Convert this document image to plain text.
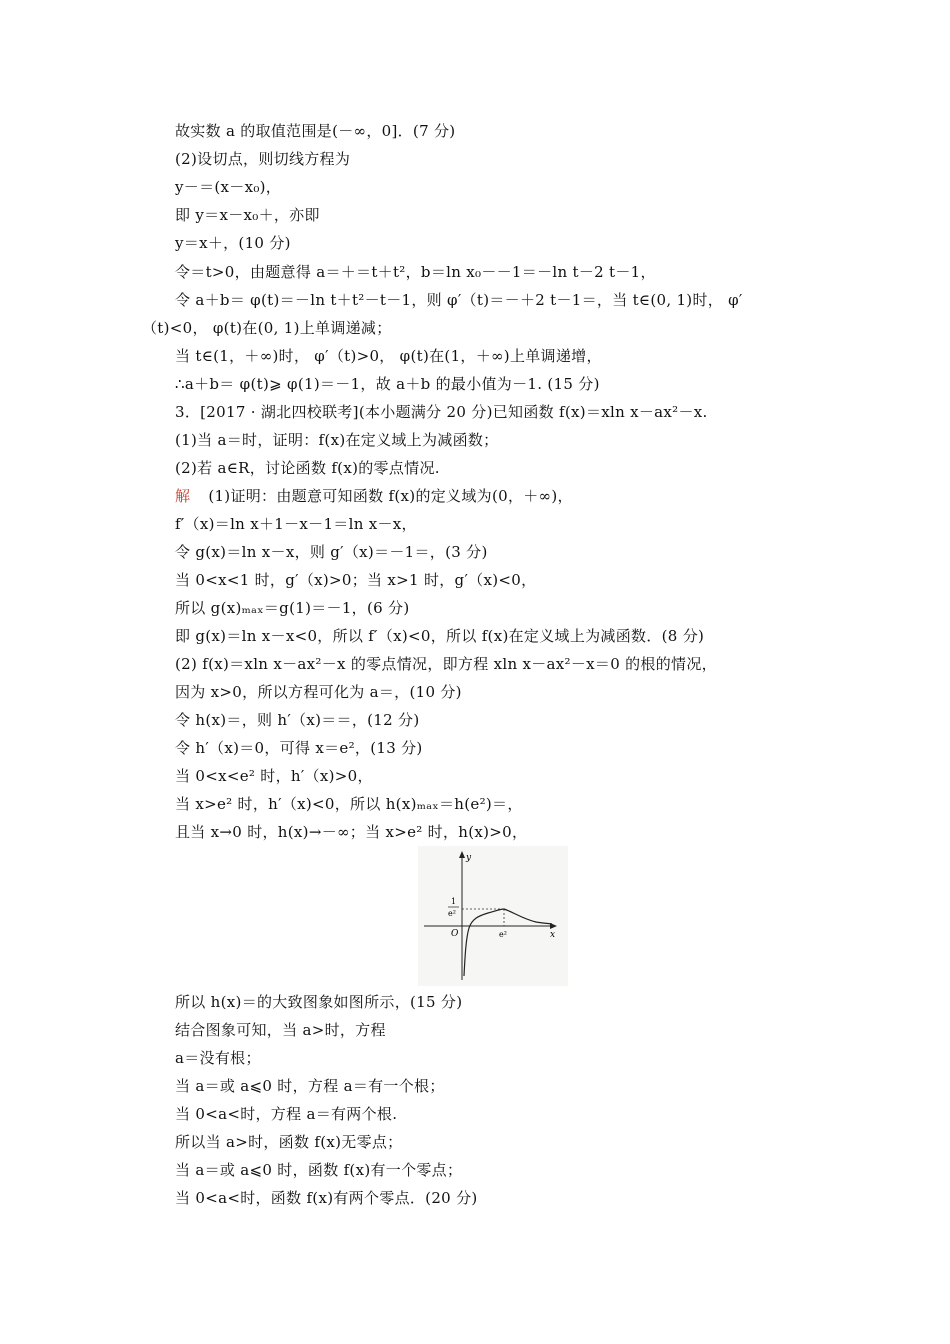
故实数 a 的取值范围是(－∞，0]．(7 分)
(2)设切点，则切线方程为
y－＝(x－x₀)，
即 y＝x－x₀＋，亦即
y＝x＋，(10 分)
令＝t>0，由题意得 a＝＋＝t＋t²，b＝ln x₀－－1＝－ln t－2 t－1，
令 a＋b＝ φ(t)＝－ln t＋t²－t－1，则 φ′（t)＝－＋2 t－1＝，当 t∈(0, 1)时， φ′
（t)<0， φ(t)在(0, 1)上单调递减；
当 t∈(1，＋∞)时， φ′（t)>0， φ(t)在(1，＋∞)上单调递增，
∴a＋b＝ φ(t)⩾ φ(1)＝－1，故 a＋b 的最小值为－1. (15 分)
3．[2017 · 湖北四校联考](本小题满分 20 分)已知函数 f(x)＝xln x－ax²－x.
(1)当 a＝时，证明：f(x)在定义域上为减函数；
(2)若 a∈R，讨论函数 f(x)的零点情况.
解 (1)证明：由题意可知函数 f(x)的定义域为(0，＋∞)，
f′（x)＝ln x＋1－x－1＝ln x－x，
令 g(x)＝ln x－x，则 g′（x)＝－1＝，(3 分)
当 0<x<1 时，g′（x)>0；当 x>1 时，g′（x)<0，
所以 g(x)ₘₐₓ＝g(1)＝－1，(6 分)
即 g(x)＝ln x－x<0，所以 f′（x)<0，所以 f(x)在定义域上为减函数．(8 分)
(2) f(x)＝xln x－ax²－x 的零点情况，即方程 xln x－ax²－x＝0 的根的情况，
因为 x>0，所以方程可化为 a＝，(10 分)
令 h(x)＝，则 h′（x)＝＝，(12 分)
令 h′（x)＝0，可得 x＝e²，(13 分)
当 0<x<e² 时，h′（x)>0，
当 x>e² 时，h′（x)<0，所以 h(x)ₘₐₓ＝h(e²)＝，
且当 x→0 时，h(x)→－∞；当 x>e² 时，h(x)>0，
y
x
O
1
e²
e²
所以 h(x)＝的大致图象如图所示，(15 分)
结合图象可知，当 a>时，方程
a＝没有根；
当 a＝或 a⩽0 时，方程 a＝有一个根；
当 0<a<时，方程 a＝有两个根.
所以当 a>时，函数 f(x)无零点；
当 a＝或 a⩽0 时，函数 f(x)有一个零点；
当 0<a<时，函数 f(x)有两个零点．(20 分)
